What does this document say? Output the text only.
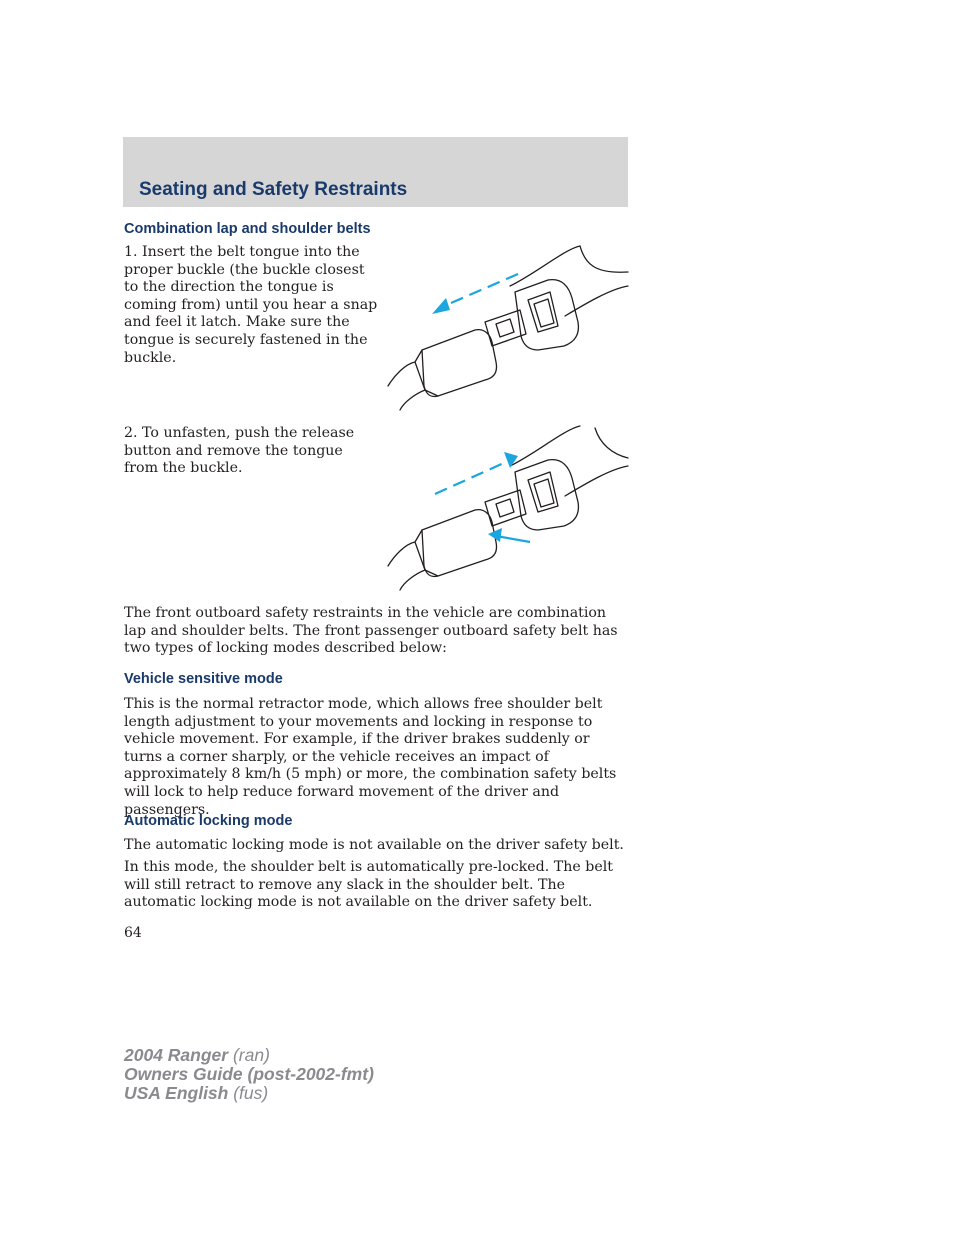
Seating and Safety Restraints
Combination lap and shoulder belts
1. Insert the belt tongue into the proper buckle (the buckle closest to the direction the tongue is coming from) until you hear a snap and feel it latch. Make sure the tongue is securely fastened in the buckle.
2. To unfasten, push the release button and remove the tongue from the buckle.
The front outboard safety restraints in the vehicle are combination lap and shoulder belts. The front passenger outboard safety belt has two types of locking modes described below:
Vehicle sensitive mode
This is the normal retractor mode, which allows free shoulder belt length adjustment to your movements and locking in response to vehicle movement. For example, if the driver brakes suddenly or turns a corner sharply, or the vehicle receives an impact of approximately 8 km/h (5 mph) or more, the combination safety belts will lock to help reduce forward movement of the driver and passengers.
Automatic locking mode
The automatic locking mode is not available on the driver safety belt.
In this mode, the shoulder belt is automatically pre-locked. The belt will still retract to remove any slack in the shoulder belt. The automatic locking mode is not available on the driver safety belt.
64
2004 Ranger (ran)
Owners Guide (post-2002-fmt)
USA English (fus)
